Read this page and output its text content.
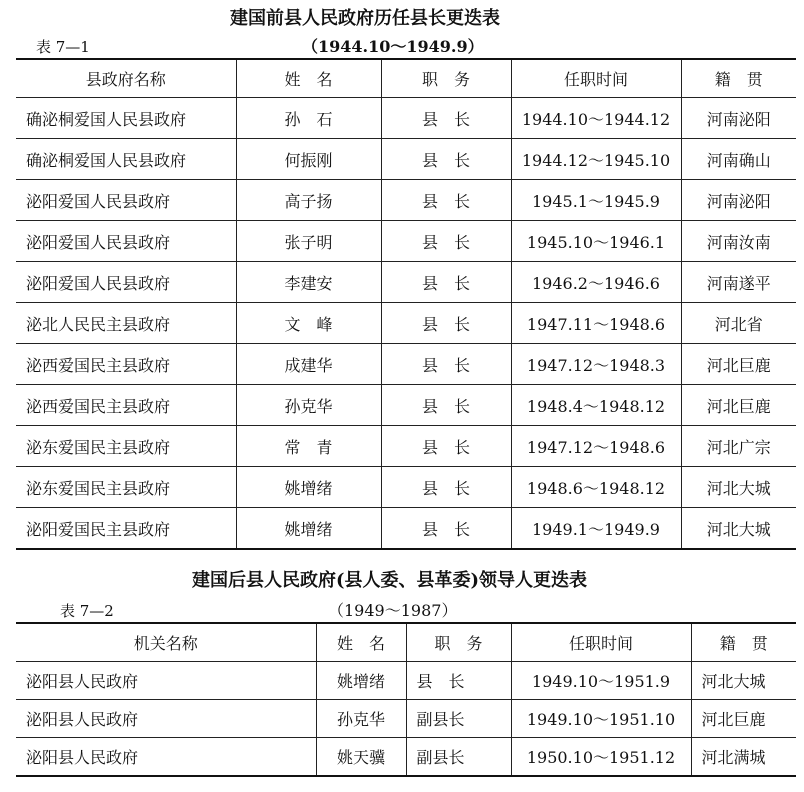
建国前县人民政府历任县长更迭表
表 7—1	（1944.10～1949.9）
县政府名称	姓　名	职　务	任职时间	籍　贯
确泌桐爱国人民县政府	孙　石	县　长	1944.10～1944.12	河南泌阳
确泌桐爱国人民县政府	何振刚	县　长	1944.12～1945.10	河南确山
泌阳爱国人民县政府	高子扬	县　长	1945.1～1945.9	河南泌阳
泌阳爱国人民县政府	张子明	县　长	1945.10～1946.1	河南汝南
泌阳爱国人民县政府	李建安	县　长	1946.2～1946.6	河南遂平
泌北人民民主县政府	文　峰	县　长	1947.11～1948.6	河北省
泌西爱国民主县政府	成建华	县　长	1947.12～1948.3	河北巨鹿
泌西爱国民主县政府	孙克华	县　长	1948.4～1948.12	河北巨鹿
泌东爱国民主县政府	常　青	县　长	1947.12～1948.6	河北广宗
泌东爱国民主县政府	姚增绪	县　长	1948.6～1948.12	河北大城
泌阳爱国民主县政府	姚增绪	县　长	1949.1～1949.9	河北大城
建国后县人民政府(县人委、县革委)领导人更迭表
表 7—2	（1949～1987）
机关名称	姓　名	职　务	任职时间	籍　贯
泌阳县人民政府	姚增绪	县　长	1949.10～1951.9	河北大城
泌阳县人民政府	孙克华	副县长	1949.10～1951.10	河北巨鹿
泌阳县人民政府	姚天骥	副县长	1950.10～1951.12	河北满城
